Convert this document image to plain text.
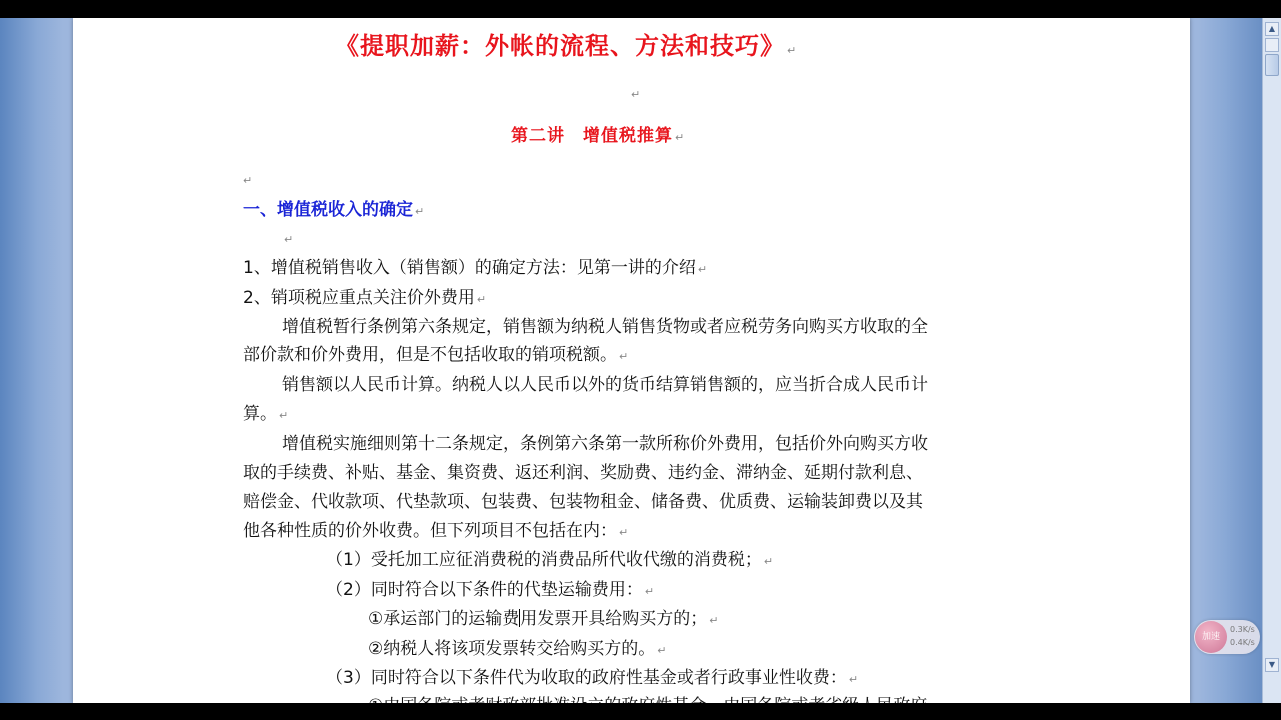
《提职加薪：外帐的流程、方法和技巧》 ↵
↵
第二讲　增值税推算 ↵
↵
一、增值税收入的确定 ↵
↵
1、增值税销售收入（销售额）的确定方法：见第一讲的介绍 ↵
2、销项税应重点关注价外费用 ↵
增值税暂行条例第六条规定，销售额为纳税人销售货物或者应税劳务向购买方收取的全
部价款和价外费用，但是不包括收取的销项税额。 ↵
销售额以人民币计算。纳税人以人民币以外的货币结算销售额的，应当折合成人民币计
算。 ↵
增值税实施细则第十二条规定，条例第六条第一款所称价外费用，包括价外向购买方收
取的手续费、补贴、基金、集资费、返还利润、奖励费、违约金、滞纳金、延期付款利息、
赔偿金、代收款项、代垫款项、包装费、包装物租金、储备费、优质费、运输装卸费以及其
他各种性质的价外收费。但下列项目不包括在内： ↵
（1）受托加工应征消费税的消费品所代收代缴的消费税； ↵
（2）同时符合以下条件的代垫运输费用： ↵
①承运部门的运输费用发票开具给购买方的； ↵
②纳税人将该项发票转交给购买方的。 ↵
（3）同时符合以下条件代为收取的政府性基金或者行政事业性收费： ↵
▲
▼
加速
0.3K/s
0.4K/s
